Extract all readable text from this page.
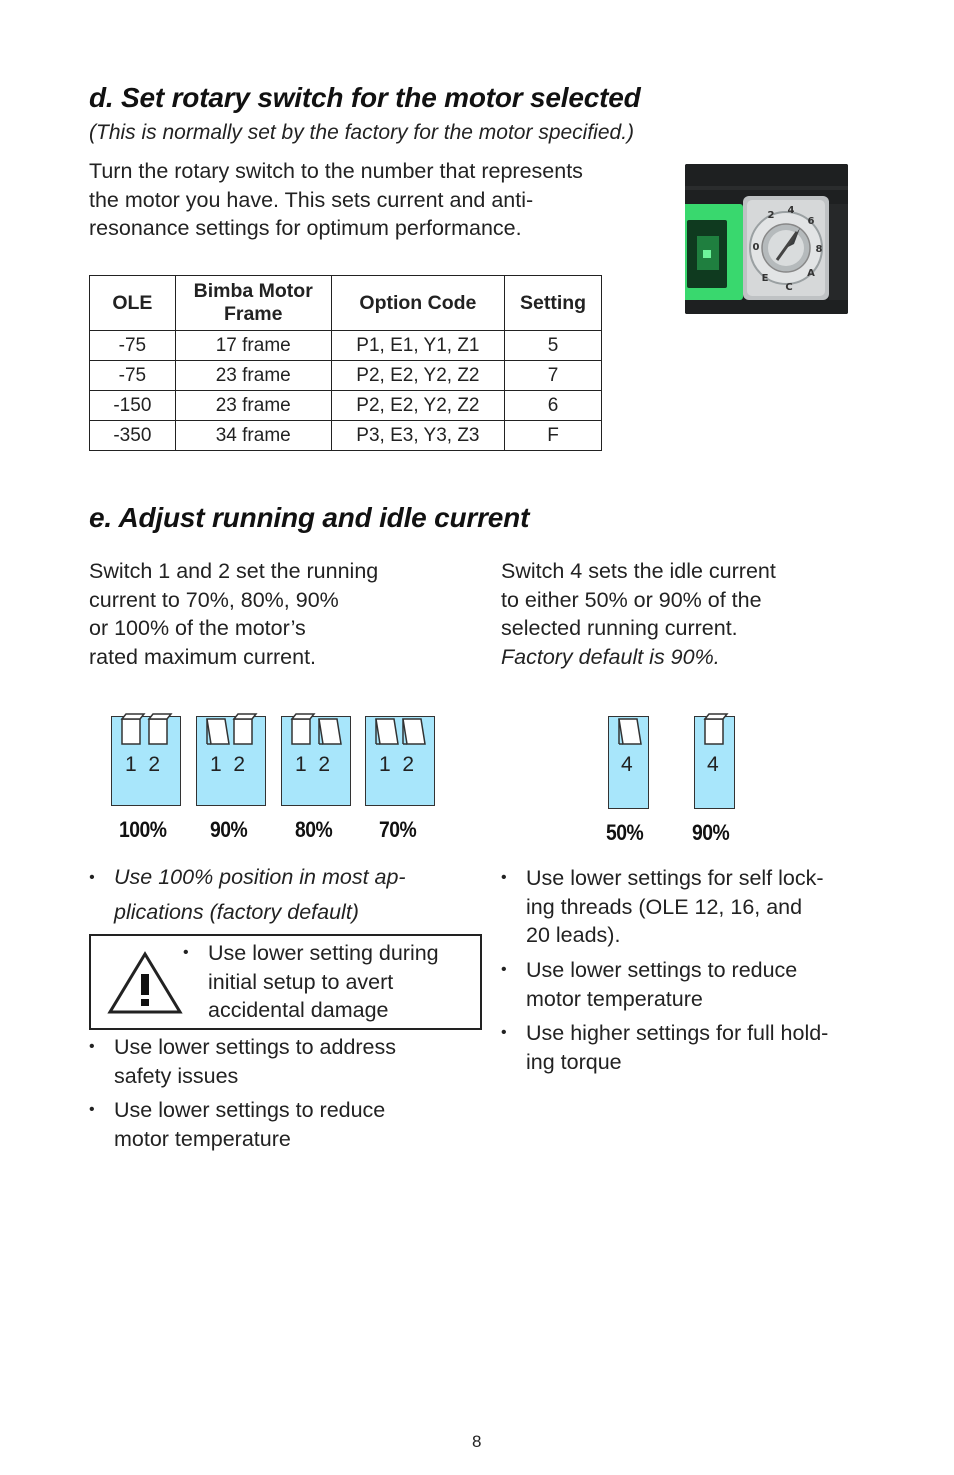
d. Set rotary switch for the motor selected
(This is normally set by the factory for the motor specified.)

Turn the rotary switch to the number that represents

the motor you have. This sets current and anti-

resonance settings for optimum performance.

2 4
6
8
A
C
E
0
OLE	Bimba Motor Frame	Option Code	Setting
-75	17 frame	P1, E1, Y1, Z1	5
-75	23 frame	P2, E2, Y2, Z2	7
-150	23 frame	P2, E2, Y2, Z2	6
-350	34 frame	P3, E3, Y3, Z3	F
e. Adjust running and idle current

Switch 1 and 2 set the running

current to 70%, 80%, 90%

or 100% of the motor’s

rated maximum current.

Switch 4 sets the idle current

to either 50% or 90% of the

selected running current.

Factory default is 90%.

1  2 1  2 1  2 1  2
100% 90% 80% 70%
4	4
50% 90%
• Use 100% position in most ap-
plications (factory default)
• Use lower setting during
initial setup to avert
accidental damage
• Use lower settings to address
safety issues
• Use lower settings to reduce
motor temperature
• Use lower settings for self lock-
ing threads (OLE 12, 16, and
20 leads).
• Use lower settings to reduce
motor temperature
• Use higher settings for full hold-
ing torque
8
